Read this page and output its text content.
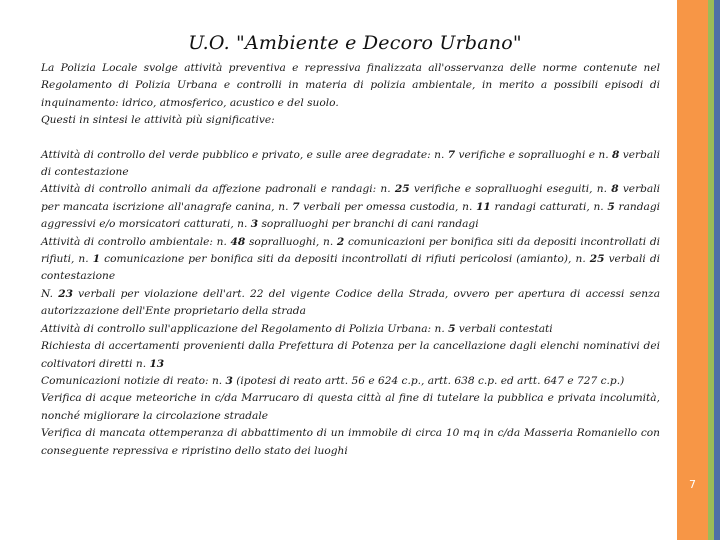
7
U.O. "Ambiente e Decoro Urbano"

La Polizia Locale svolge attività preventiva e repressiva finalizzata all'osservanza delle norme contenute nel Regolamento di Polizia Urbana e controlli in materia di polizia ambientale, in merito a possibili episodi di inquinamento: idrico, atmosferico, acustico e del suolo.

Questi in sintesi le attività più significative:

Attività di controllo del verde pubblico e privato, e sulle aree degradate: n. 7 verifiche e sopralluoghi e n. 8 verbali di contestazione

Attività di controllo animali da affezione padronali e randagi: n. 25 verifiche e sopralluoghi eseguiti, n. 8 verbali per mancata iscrizione all'anagrafe canina, n. 7 verbali per omessa custodia, n. 11 randagi catturati, n. 5 randagi aggressivi e/o morsicatori catturati, n. 3 sopralluoghi per branchi di cani randagi

Attività di controllo ambientale: n. 48 sopralluoghi, n. 2 comunicazioni per bonifica siti da depositi incontrollati di rifiuti, n. 1 comunicazione per bonifica siti da depositi incontrollati di rifiuti pericolosi (amianto), n. 25 verbali di contestazione

N. 23 verbali per violazione dell'art. 22 del vigente Codice della Strada, ovvero per apertura di accessi senza autorizzazione dell'Ente proprietario della strada

Attività di controllo sull'applicazione del Regolamento di Polizia Urbana: n. 5 verbali contestati

Richiesta di accertamenti provenienti dalla Prefettura di Potenza per la cancellazione dagli elenchi nominativi dei coltivatori diretti n. 13

Comunicazioni notizie di reato: n. 3 (ipotesi di reato artt. 56 e 624 c.p., artt. 638 c.p. ed artt. 647 e 727 c.p.)

Verifica di acque meteoriche in c/da Marrucaro di questa città al fine di tutelare la pubblica e privata incolumità, nonché migliorare la circolazione stradale

Verifica di mancata ottemperanza di abbattimento di un immobile di circa 10 mq in c/da Masseria Romaniello con conseguente repressiva e ripristino dello stato dei luoghi
